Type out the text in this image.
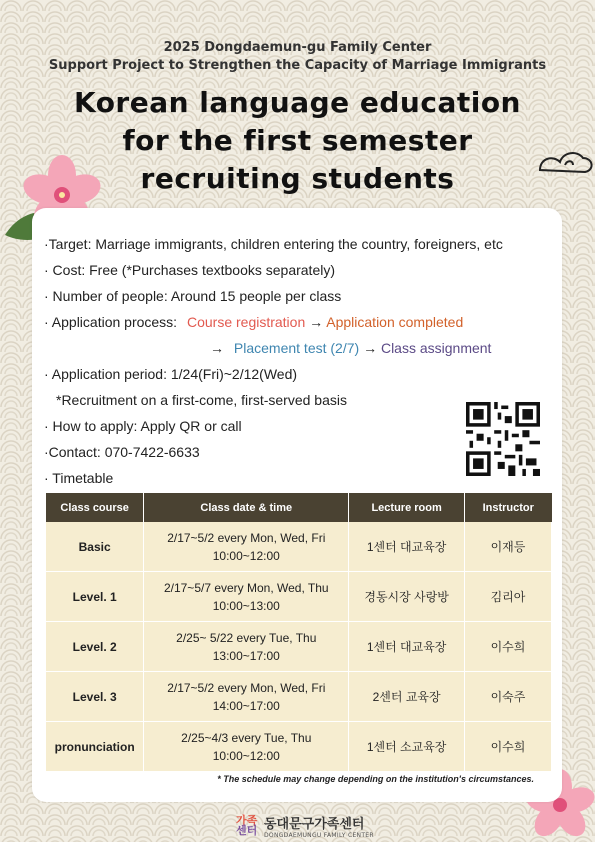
2025 Dongdaemun-gu Family Center
Support Project to Strengthen the Capacity of Marriage Immigrants
Korean language education
for the first semester
recruiting students
·Target: Marriage immigrants, children entering the country, foreigners, etc
· Cost: Free (*Purchases textbooks separately)
· Number of people: Around 15 people per class
· Application process: Course registration → Application completed
→ Placement test (2/7) → Class assignment
· Application period: 1/24(Fri)~2/12(Wed)
*Recruitment on a first-come, first-served basis
· How to apply: Apply QR or call
·Contact: 070-7422-6633
· Timetable
Class course	Class date & time	Lecture room	Instructor
Basic	2/17~5/2 every Mon, Wed, Fri
10:00~12:00	1센터 대교육장	이재등
Level. 1	2/17~5/7 every Mon, Wed, Thu
10:00~13:00	경동시장 사랑방	김리아
Level. 2	2/25~ 5/22 every Tue, Thu
13:00~17:00	1센터 대교육장	이수희
Level. 3	2/17~5/2 every Mon, Wed, Fri
14:00~17:00	2센터 교육장	이숙주
pronunciation	2/25~4/3 every Tue, Thu
10:00~12:00	1센터 소교육장	이수희
* The schedule may change depending on the institution's circumstances.
가족
센터 동대문구가족센터
DONGDAEMUNGU FAMILY CENTER
